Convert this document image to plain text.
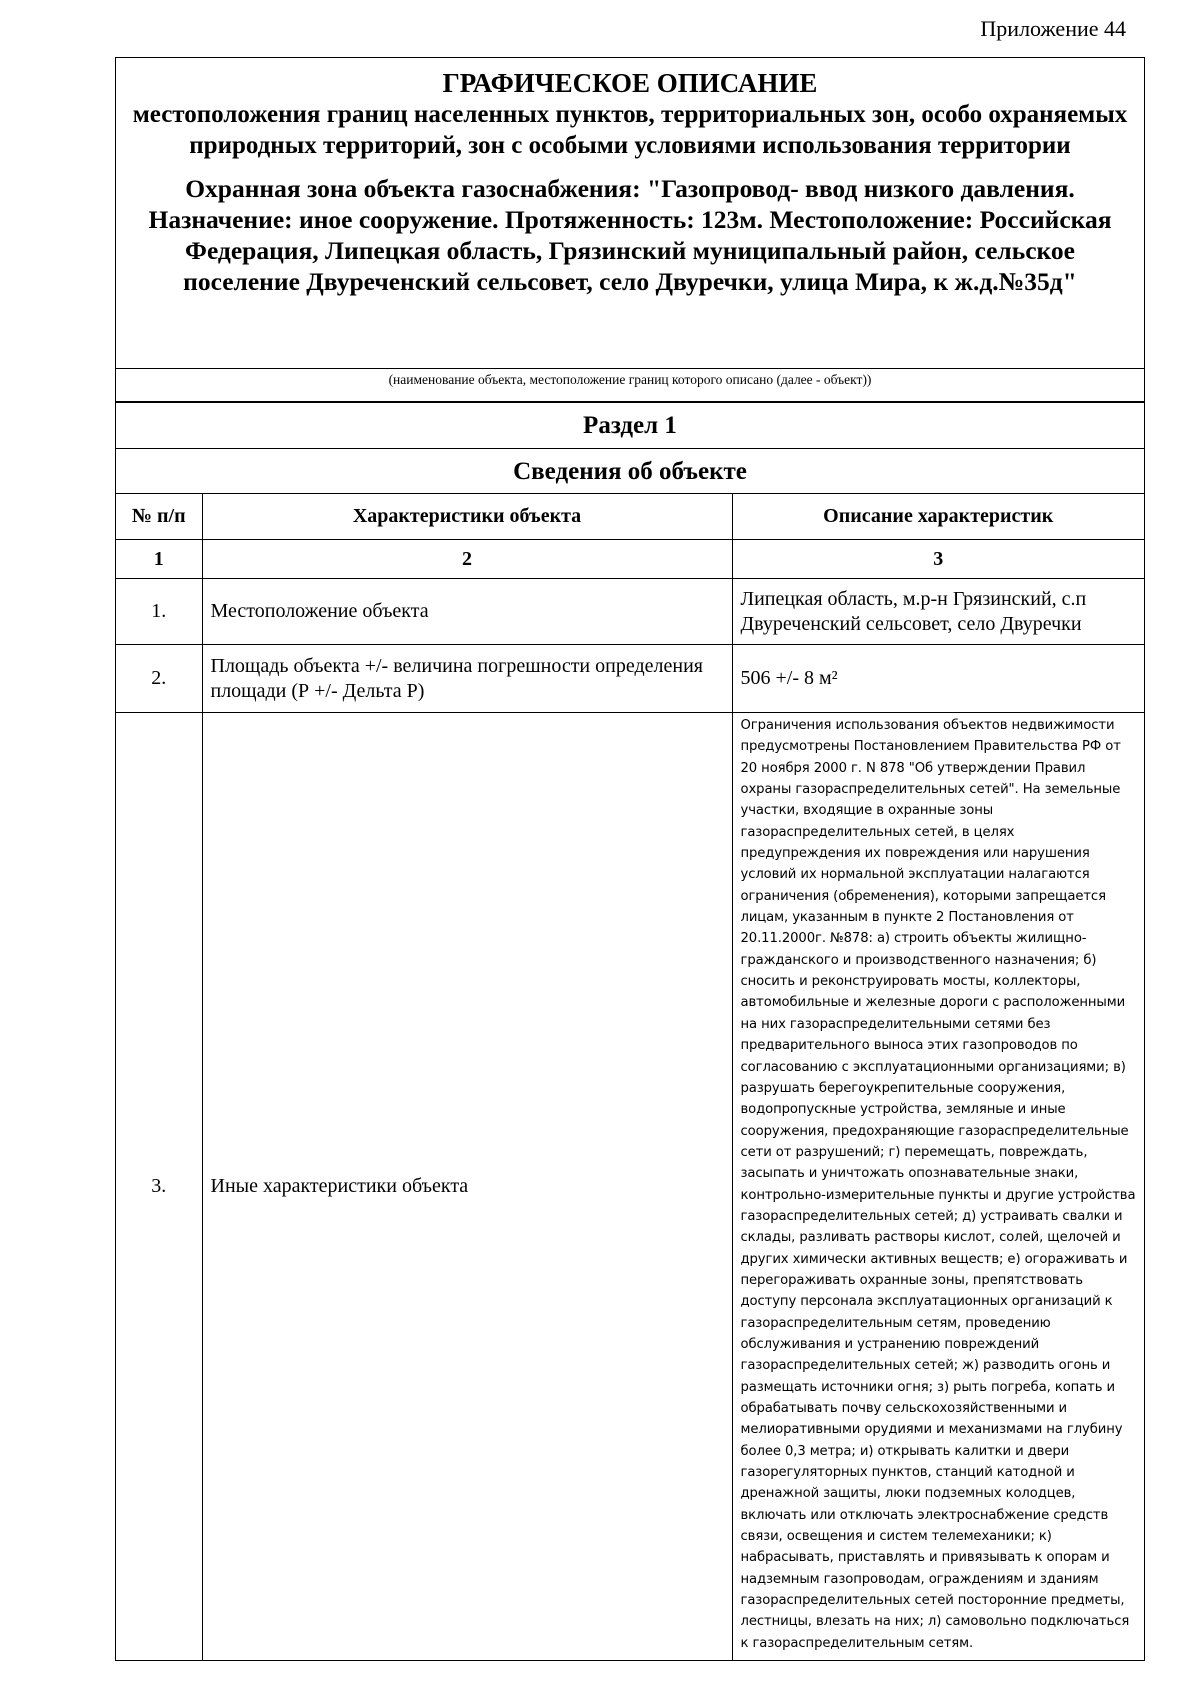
Приложение 44
ГРАФИЧЕСКОЕ ОПИСАНИЕ
местоположения границ населенных пунктов, территориальных зон, особо охраняемых природных территорий, зон с особыми условиями использования территории
Охранная зона объекта газоснабжения: "Газопровод- ввод низкого давления. Назначение: иное сооружение. Протяженность: 123м. Местоположение: Российская Федерация, Липецкая область, Грязинский муниципальный район, сельское поселение Двуреченский сельсовет, село Двуречки, улица Мира, к ж.д.№35д"
(наименование объекта, местоположение границ которого описано (далее - объект))
Раздел 1
Сведения об объекте
№ п/п	Характеристики объекта	Описание характеристик
1	2	3
1.	Местоположение объекта	Липецкая область, м.р-н Грязинский, с.п Двуреченский сельсовет, село Двуречки
2.	Площадь объекта +/- величина погрешности определения площади (Р +/- Дельта Р)	506 +/- 8 м²
3.	Иные характеристики объекта	Ограничения использования объектов недвижимости предусмотрены Постановлением Правительства РФ от 20 ноября 2000 г. N 878 "Об утверждении Правил охраны газораспределительных сетей". На земельные участки, входящие в охранные зоны газораспределительных сетей, в целях предупреждения их повреждения или нарушения условий их нормальной эксплуатации налагаются ограничения (обременения), которыми запрещается лицам, указанным в пункте 2 Постановления от 20.11.2000г. №878: а) строить объекты жилищно-гражданского и производственного назначения; б) сносить и реконструировать мосты, коллекторы, автомобильные и железные дороги с расположенными на них газораспределительными сетями без предварительного выноса этих газопроводов по согласованию с эксплуатационными организациями; в) разрушать берегоукрепительные сооружения, водопропускные устройства, земляные и иные сооружения, предохраняющие газораспределительные сети от разрушений; г) перемещать, повреждать, засыпать и уничтожать опознавательные знаки, контрольно-измерительные пункты и другие устройства газораспределительных сетей; д) устраивать свалки и склады, разливать растворы кислот, солей, щелочей и других химически активных веществ; е) огораживать и перегораживать охранные зоны, препятствовать доступу персонала эксплуатационных организаций к газораспределительным сетям, проведению обслуживания и устранению повреждений газораспределительных сетей; ж) разводить огонь и размещать источники огня; з) рыть погреба, копать и обрабатывать почву сельскохозяйственными и мелиоративными орудиями и механизмами на глубину более 0,3 метра; и) открывать калитки и двери газорегуляторных пунктов, станций катодной и дренажной защиты, люки подземных колодцев, включать или отключать электроснабжение средств связи, освещения и систем телемеханики; к) набрасывать, приставлять и привязывать к опорам и надземным газопроводам, ограждениям и зданиям газораспределительных сетей посторонние предметы, лестницы, влезать на них; л) самовольно подключаться к газораспределительным сетям.
